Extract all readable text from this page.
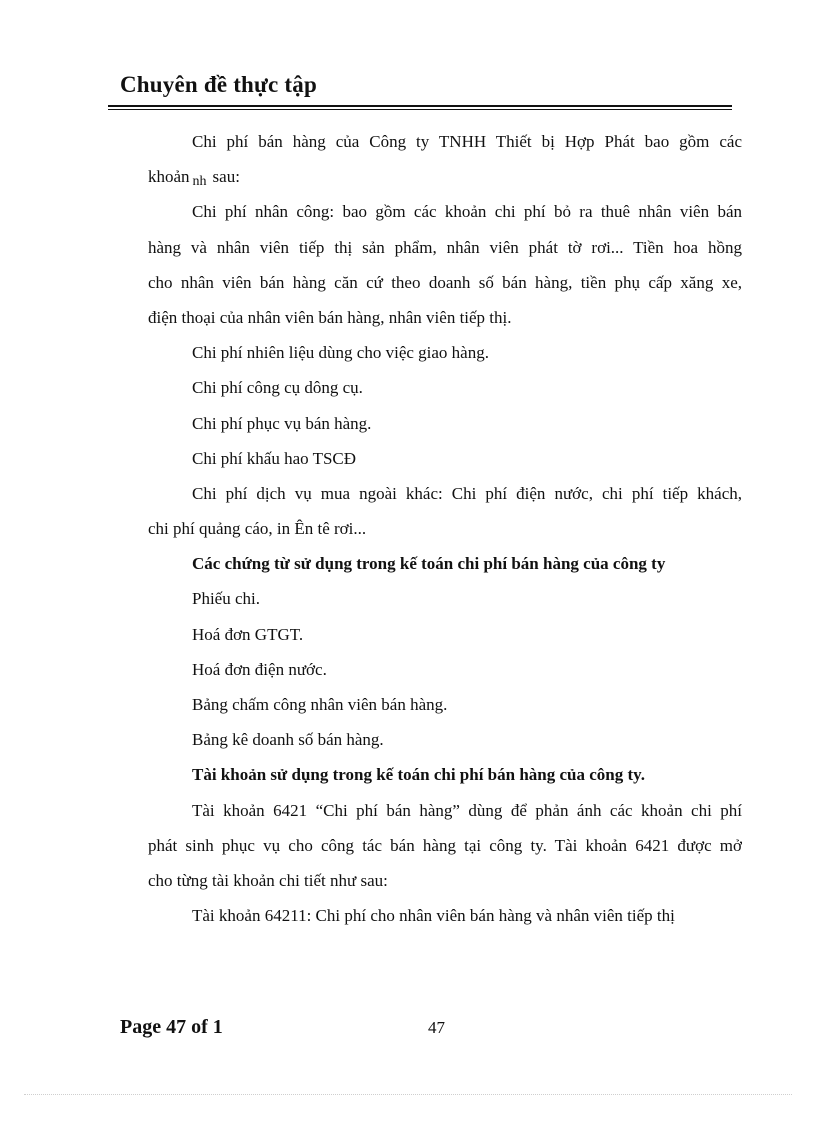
Chuyên đề thực tập
Chi phí bán hàng của Công ty TNHH Thiết bị Hợp Phát bao gồm các
khoản nh sau:
Chi phí nhân công: bao gồm các khoản chi phí bỏ ra thuê nhân viên bán
hàng và nhân viên tiếp thị sản phẩm, nhân viên phát tờ rơi... Tiền hoa hồng
cho nhân viên bán hàng căn cứ theo doanh số bán hàng, tiền phụ cấp xăng xe,
điện thoại của nhân viên bán hàng, nhân viên tiếp thị.
Chi phí nhiên liệu dùng cho việc giao hàng.
Chi phí công cụ dông cụ.
Chi phí phục vụ bán hàng.
Chi phí khấu hao TSCĐ
Chi phí dịch vụ mua ngoài khác: Chi phí điện nước, chi phí tiếp khách,
chi phí quảng cáo, in Ên tê rơi...
Các chứng từ sử dụng trong kế toán chi phí bán hàng của công ty
Phiếu chi.
Hoá đơn GTGT.
Hoá đơn điện nước.
Bảng chấm công nhân viên bán hàng.
Bảng kê doanh số bán hàng.
Tài khoản sử dụng trong kế toán chi phí bán hàng của công ty.
Tài khoản 6421 “Chi phí bán hàng” dùng để phản ánh các khoản chi phí
phát sinh phục vụ cho công tác bán hàng tại công ty. Tài khoản 6421 được mở
cho từng tài khoản chi tiết như sau:
Tài khoản 64211: Chi phí cho nhân viên bán hàng và nhân viên tiếp thị
Page 47 of 1	47
